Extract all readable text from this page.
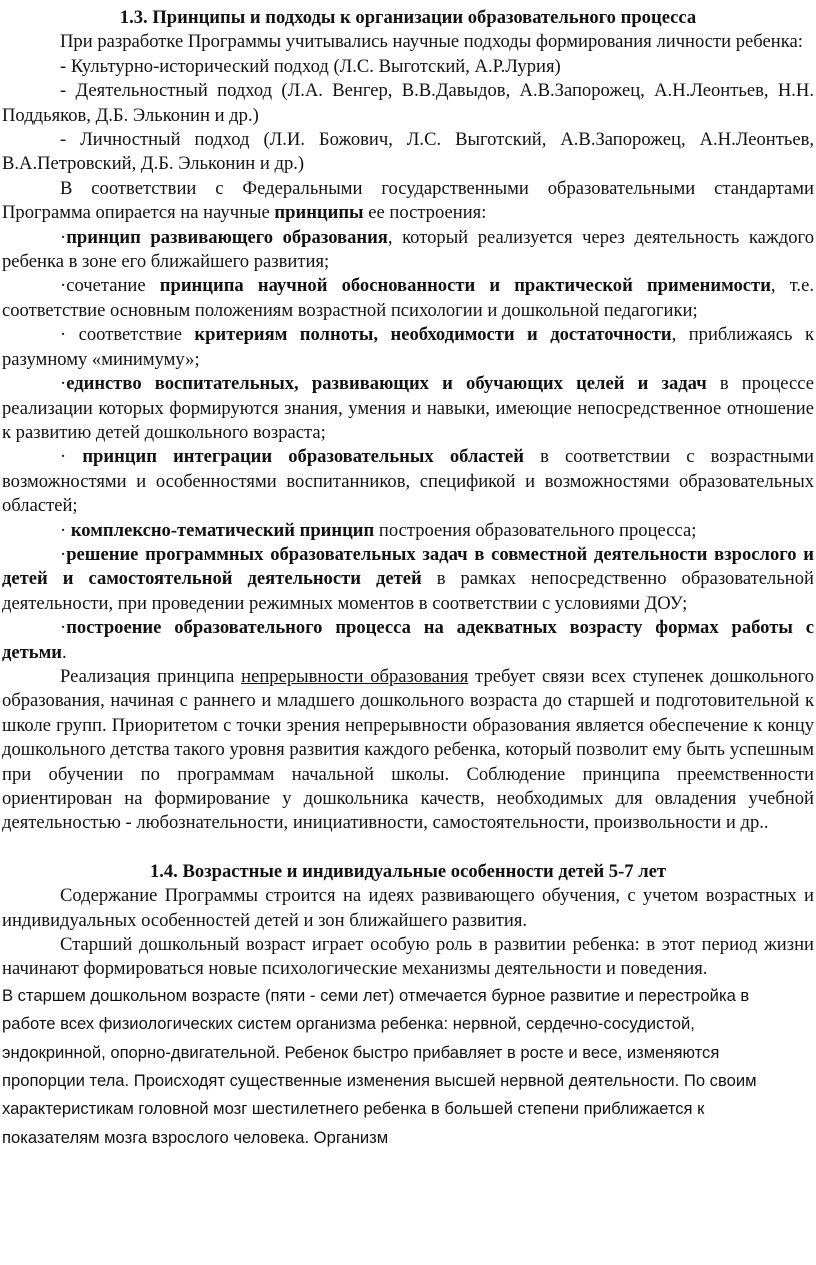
1.3. Принципы и подходы к организации образовательного процесса

При разработке Программы учитывались научные подходы формирования личности ребенка:

- Культурно-исторический подход (Л.С. Выготский, А.Р.Лурия)

- Деятельностный подход (Л.А. Венгер, В.В.Давыдов, А.В.Запорожец, А.Н.Леонтьев, Н.Н. Поддьяков, Д.Б. Эльконин и др.)

- Личностный подход (Л.И. Божович, Л.С. Выготский, А.В.Запорожец, А.Н.Леонтьев, В.А.Петровский, Д.Б. Эльконин и др.)

В соответствии с Федеральными государственными образовательными стандартами Программа опирается на научные принципы ее построения:

·принцип развивающего образования, который реализуется через деятельность каждого ребенка в зоне его ближайшего развития;

·сочетание принципа научной обоснованности и практической применимости, т.е. соответствие основным положениям возрастной психологии и дошкольной педагогики;

· соответствие критериям полноты, необходимости и достаточности, приближаясь к разумному «минимуму»;

·единство воспитательных, развивающих и обучающих целей и задач в процессе реализации которых формируются знания, умения и навыки, имеющие непосредственное отношение к развитию детей дошкольного возраста;

· принцип интеграции образовательных областей в соответствии с возрастными возможностями и особенностями воспитанников, спецификой и возможностями образовательных областей;

· комплексно-тематический принцип построения образовательного процесса;

·решение программных образовательных задач в совместной деятельности взрослого и детей и самостоятельной деятельности детей в рамках непосредственно образовательной деятельности, при проведении режимных моментов в соответствии с условиями ДОУ;

·построение образовательного процесса на адекватных возрасту формах работы с детьми.

Реализация принципа непрерывности образования требует связи всех ступенек дошкольного образования, начиная с раннего и младшего дошкольного возраста до старшей и подготовительной к школе групп. Приоритетом с точки зрения непрерывности образования является обеспечение к концу дошкольного детства такого уровня развития каждого ребенка, который позволит ему быть успешным при обучении по программам начальной школы. Соблюдение принципа преемственности ориентирован на формирование у дошкольника качеств, необходимых для овладения учебной деятельностью - любознательности, инициативности, самостоятельности, произвольности и др..

1.4. Возрастные и индивидуальные особенности детей 5-7 лет

Содержание Программы строится на идеях развивающего обучения, с учетом возрастных и индивидуальных особенностей детей и зон ближайшего развития.

Старший дошкольный возраст играет особую роль в развитии ребенка: в этот период жизни начинают формироваться новые психологические механизмы деятельности и поведения.

В старшем дошкольном возрасте (пяти - семи лет) отмечается бурное развитие и перестройка в

работе всех физиологических систем организма ребенка: нервной, сердечно-сосудистой,

эндокринной, опорно-двигательной. Ребенок быстро прибавляет в росте и весе, изменяются

пропорции тела. Происходят существенные изменения высшей нервной деятельности. По своим

характеристикам головной мозг шестилетнего ребенка в большей степени приближается к

показателям мозга взрослого человека. Организм
